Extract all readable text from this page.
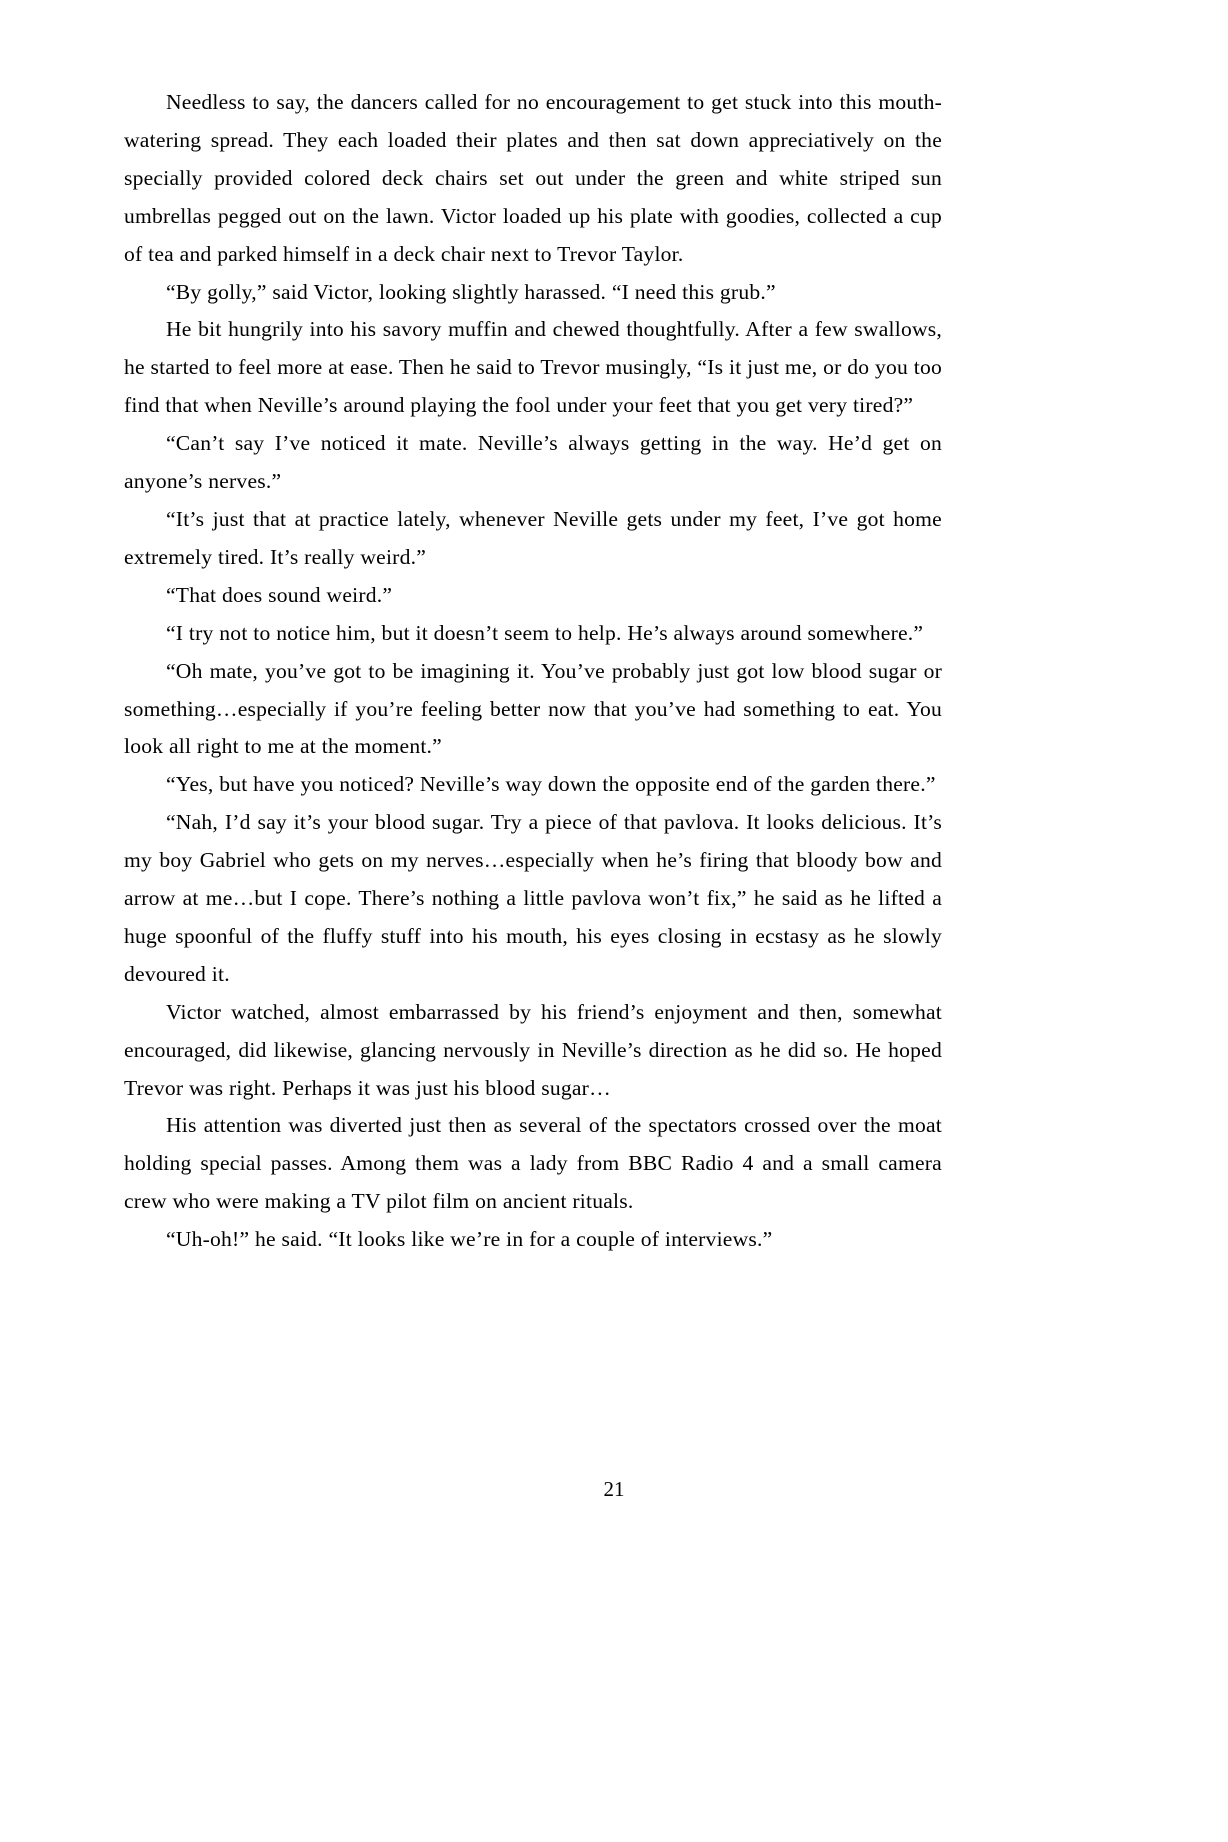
Needless to say, the dancers called for no encouragement to get stuck into this mouth-watering spread. They each loaded their plates and then sat down appreciatively on the specially provided colored deck chairs set out under the green and white striped sun umbrellas pegged out on the lawn. Victor loaded up his plate with goodies, collected a cup of tea and parked himself in a deck chair next to Trevor Taylor.

“By golly,” said Victor, looking slightly harassed. “I need this grub.”

He bit hungrily into his savory muffin and chewed thoughtfully. After a few swallows, he started to feel more at ease. Then he said to Trevor musingly, “Is it just me, or do you too find that when Neville’s around playing the fool under your feet that you get very tired?”

“Can’t say I’ve noticed it mate. Neville’s always getting in the way. He’d get on anyone’s nerves.”

“It’s just that at practice lately, whenever Neville gets under my feet, I’ve got home extremely tired. It’s really weird.”

“That does sound weird.”

“I try not to notice him, but it doesn’t seem to help. He’s always around somewhere.”

“Oh mate, you’ve got to be imagining it. You’ve probably just got low blood sugar or something…especially if you’re feeling better now that you’ve had something to eat. You look all right to me at the moment.”

“Yes, but have you noticed? Neville’s way down the opposite end of the garden there.”

“Nah, I’d say it’s your blood sugar. Try a piece of that pavlova. It looks delicious. It’s my boy Gabriel who gets on my nerves…especially when he’s firing that bloody bow and arrow at me…but I cope. There’s nothing a little pavlova won’t fix,” he said as he lifted a huge spoonful of the fluffy stuff into his mouth, his eyes closing in ecstasy as he slowly devoured it.

Victor watched, almost embarrassed by his friend’s enjoyment and then, somewhat encouraged, did likewise, glancing nervously in Neville’s direction as he did so. He hoped Trevor was right. Perhaps it was just his blood sugar…

His attention was diverted just then as several of the spectators crossed over the moat holding special passes. Among them was a lady from BBC Radio 4 and a small camera crew who were making a TV pilot film on ancient rituals.

“Uh-oh!” he said. “It looks like we’re in for a couple of interviews.”

21
